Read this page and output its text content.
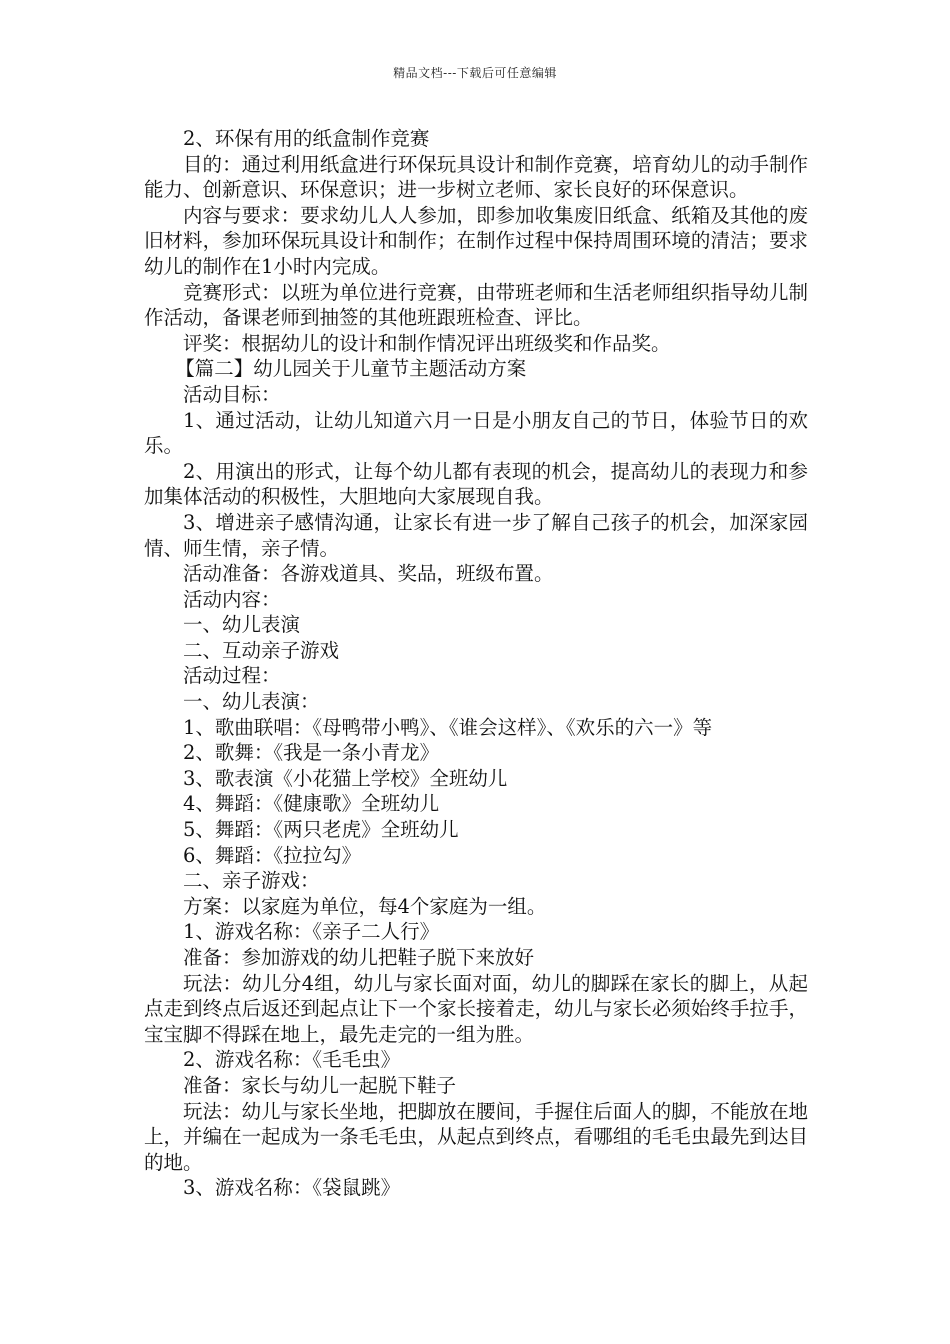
精品文档---下载后可任意编辑

2、环保有用的纸盒制作竞赛

目的：通过利用纸盒进行环保玩具设计和制作竞赛，培育幼儿的动手制作能力、创新意识、环保意识；进一步树立老师、家长良好的环保意识。

内容与要求：要求幼儿人人参加，即参加收集废旧纸盒、纸箱及其他的废旧材料，参加环保玩具设计和制作；在制作过程中保持周围环境的清洁；要求幼儿的制作在1小时内完成。

竞赛形式：以班为单位进行竞赛，由带班老师和生活老师组织指导幼儿制作活动，备课老师到抽签的其他班跟班检查、评比。

评奖：根据幼儿的设计和制作情况评出班级奖和作品奖。

【篇二】幼儿园关于儿童节主题活动方案

活动目标：

1、通过活动，让幼儿知道六月一日是小朋友自己的节日，体验节日的欢乐。

2、用演出的形式，让每个幼儿都有表现的机会，提高幼儿的表现力和参加集体活动的积极性，大胆地向大家展现自我。

3、增进亲子感情沟通，让家长有进一步了解自己孩子的机会，加深家园情、师生情，亲子情。

活动准备：各游戏道具、奖品，班级布置。

活动内容：

一、幼儿表演

二、互动亲子游戏

活动过程：

一、幼儿表演：

1、歌曲联唱：《母鸭带小鸭》、《谁会这样》、《欢乐的六一》等

2、歌舞：《我是一条小青龙》

3、歌表演《小花猫上学校》全班幼儿

4、舞蹈：《健康歌》全班幼儿

5、舞蹈：《两只老虎》全班幼儿

6、舞蹈：《拉拉勾》

二、亲子游戏：

方案：以家庭为单位，每4个家庭为一组。

1、游戏名称：《亲子二人行》

准备：参加游戏的幼儿把鞋子脱下来放好

玩法：幼儿分4组，幼儿与家长面对面，幼儿的脚踩在家长的脚上，从起点走到终点后返还到起点让下一个家长接着走，幼儿与家长必须始终手拉手，宝宝脚不得踩在地上，最先走完的一组为胜。

2、游戏名称：《毛毛虫》

准备：家长与幼儿一起脱下鞋子

玩法：幼儿与家长坐地，把脚放在腰间，手握住后面人的脚，不能放在地上，并编在一起成为一条毛毛虫，从起点到终点，看哪组的毛毛虫最先到达目的地。

3、游戏名称：《袋鼠跳》
